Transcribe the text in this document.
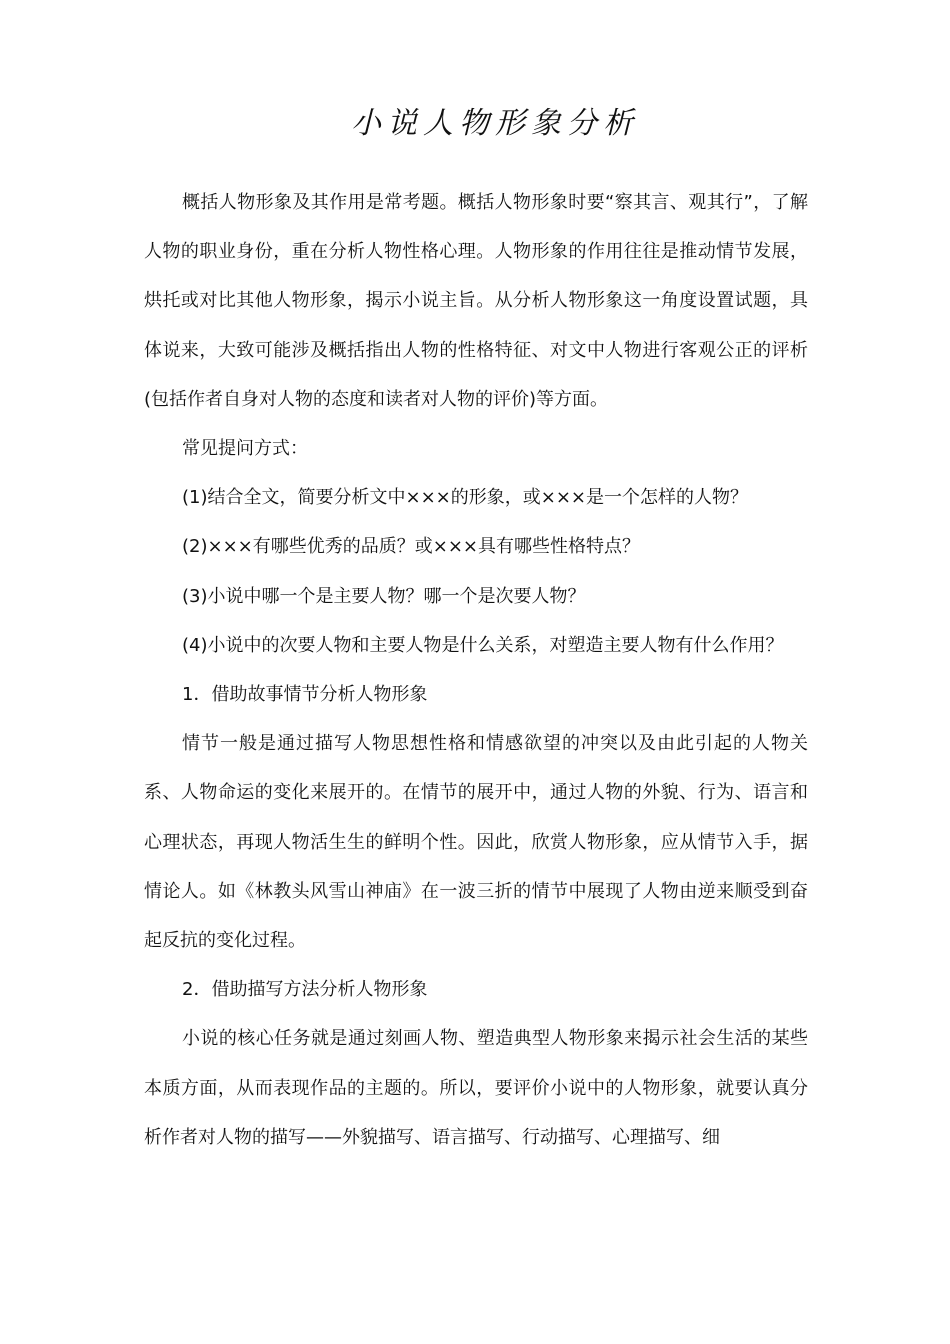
小说人物形象分析

概括人物形象及其作用是常考题。概括人物形象时要“察其言、观其行”，了解人物的职业身份，重在分析人物性格心理。人物形象的作用往往是推动情节发展，烘托或对比其他人物形象，揭示小说主旨。从分析人物形象这一角度设置试题，具体说来，大致可能涉及概括指出人物的性格特征、对文中人物进行客观公正的评析(包括作者自身对人物的态度和读者对人物的评价)等方面。

常见提问方式：

(1)结合全文，简要分析文中×××的形象，或×××是一个怎样的人物？

(2)×××有哪些优秀的品质？或×××具有哪些性格特点？

(3)小说中哪一个是主要人物？哪一个是次要人物？

(4)小说中的次要人物和主要人物是什么关系，对塑造主要人物有什么作用？

1．借助故事情节分析人物形象

情节一般是通过描写人物思想性格和情感欲望的冲突以及由此引起的人物关系、人物命运的变化来展开的。在情节的展开中，通过人物的外貌、行为、语言和心理状态，再现人物活生生的鲜明个性。因此，欣赏人物形象，应从情节入手，据情论人。如《林教头风雪山神庙》在一波三折的情节中展现了人物由逆来顺受到奋起反抗的变化过程。

2．借助描写方法分析人物形象

小说的核心任务就是通过刻画人物、塑造典型人物形象来揭示社会生活的某些本质方面，从而表现作品的主题的。所以，要评价小说中的人物形象，就要认真分析作者对人物的描写——外貌描写、语言描写、行动描写、心理描写、细
